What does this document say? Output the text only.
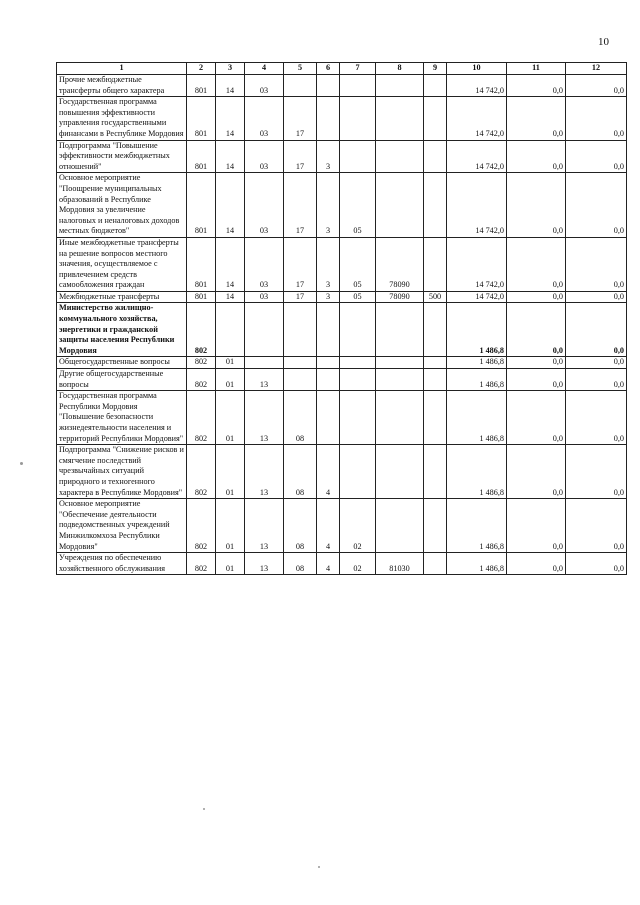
10
1	2	3	4	5	6	7	8	9	10	11	12
Прочие межбюджетные трансферты общего характера	801	14	03						14 742,0	0,0	0,0
Государственная программа повышения эффективности управления государственными финансами в Республике Мордовия	801	14	03	17					14 742,0	0,0	0,0
Подпрограмма "Повышение эффективности межбюджетных отношений"	801	14	03	17	3				14 742,0	0,0	0,0
Основное мероприятие "Поощрение муниципальных образований в Республике Мордовия за увеличение налоговых и неналоговых доходов местных бюджетов"	801	14	03	17	3	05			14 742,0	0,0	0,0
Иные межбюджетные трансферты на решение вопросов местного значения, осуществляемое с привлечением средств самообложения граждан	801	14	03	17	3	05	78090		14 742,0	0,0	0,0
Межбюджетные трансферты	801	14	03	17	3	05	78090	500	14 742,0	0,0	0,0
Министерство жилищно-коммунального хозяйства, энергетики и гражданской защиты населения Республики Мордовия	802								1 486,8	0,0	0,0
Общегосударственные вопросы	802	01							1 486,8	0,0	0,0
Другие общегосударственные вопросы	802	01	13						1 486,8	0,0	0,0
Государственная программа Республики Мордовия "Повышение безопасности жизнедеятельности населения и территорий Республики Мордовия"	802	01	13	08					1 486,8	0,0	0,0
Подпрограмма "Снижение рисков и смягчение последствий чрезвычайных ситуаций природного и техногенного характера в Республике Мордовия"	802	01	13	08	4				1 486,8	0,0	0,0
Основное мероприятие "Обеспечение деятельности подведомственных учреждений Минжилкомхоза Республики Мордовия"	802	01	13	08	4	02			1 486,8	0,0	0,0
Учреждения по обеспечению хозяйственного обслуживания	802	01	13	08	4	02	81030		1 486,8	0,0	0,0
